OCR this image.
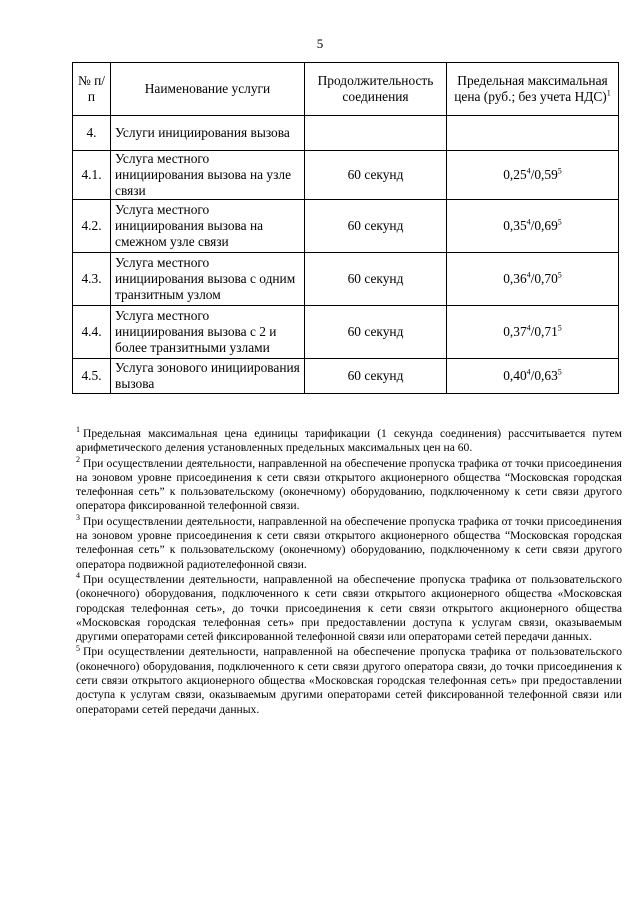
5
№ п/п	Наименование услуги	Продолжительность соединения	Предельная максимальная цена (руб.; без учета НДС)$^1$
4.	Услуги инициирования вызова		
4.1.	Услуга местного инициирования вызова на узле связи	60 секунд	0,25$^4$/0,59$^5$
4.2.	Услуга местного инициирования вызова на смежном узле связи	60 секунд	0,35$^4$/0,69$^5$
4.3.	Услуга местного инициирования вызова с одним транзитным узлом	60 секунд	0,36$^4$/0,70$^5$
4.4.	Услуга местного инициирования вызова с 2 и более транзитными узлами	60 секунд	0,37$^4$/0,71$^5$
4.5.	Услуга зонового инициирования вызова	60 секунд	0,40$^4$/0,63$^5$

$^1$ Предельная максимальная цена единицы тарификации (1 секунда соединения) рассчитывается путем арифметического деления установленных предельных максимальных цен на 60.

$^2$ При осуществлении деятельности, направленной на обеспечение пропуска трафика от точки присоединения на зоновом уровне присоединения к сети связи открытого акционерного общества “Московская городская телефонная сеть” к пользовательскому (оконечному) оборудованию, подключенному к сети связи другого оператора фиксированной телефонной связи.

$^3$ При осуществлении деятельности, направленной на обеспечение пропуска трафика от точки присоединения на зоновом уровне присоединения к сети связи открытого акционерного общества “Московская городская телефонная сеть” к пользовательскому (оконечному) оборудованию, подключенному к сети связи другого оператора подвижной радиотелефонной связи.

$^4$ При осуществлении деятельности, направленной на обеспечение пропуска трафика от пользовательского (оконечного) оборудования, подключенного к сети связи открытого акционерного общества «Московская городская телефонная сеть», до точки присоединения к сети связи открытого акционерного общества «Московская городская телефонная сеть» при предоставлении доступа к услугам связи, оказываемым другими операторами сетей фиксированной телефонной связи или операторами сетей передачи данных.

$^5$ При осуществлении деятельности, направленной на обеспечение пропуска трафика от пользовательского (оконечного) оборудования, подключенного к сети связи другого оператора связи, до точки присоединения к сети связи открытого акционерного общества «Московская городская телефонная сеть» при предоставлении доступа к услугам связи, оказываемым другими операторами сетей фиксированной телефонной связи или операторами сетей передачи данных.
